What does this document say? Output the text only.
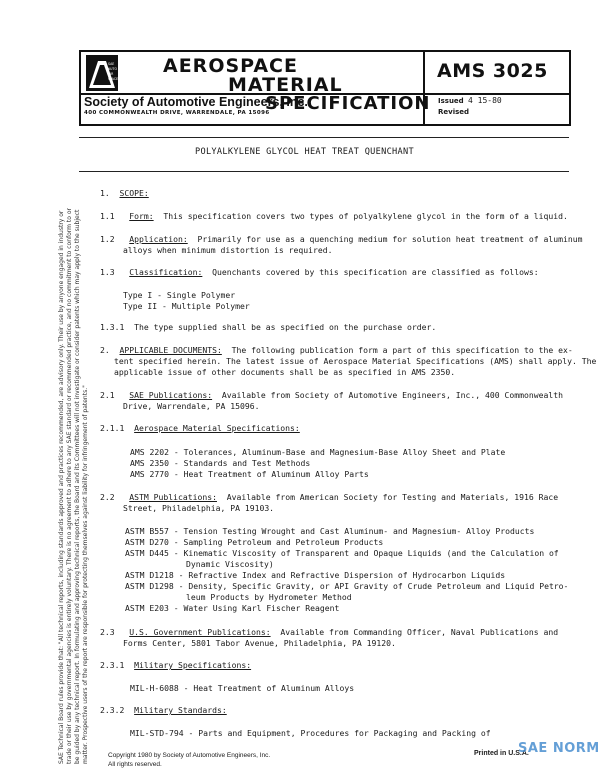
SAE
AUTO
AIR
SPACE
AEROSPACE
MATERIAL
SPECIFICATION
Society of Automotive Engineers, Inc.
400 COMMONWEALTH DRIVE, WARRENDALE, PA 15096
AMS 3025
Issued 4 15-80
Revised
POLYALKYLENE GLYCOL HEAT TREAT QUENCHANT
SAE Technical Board rules provide that: "All technical reports, including standards approved and practices recommended, are advisory only. Their use by anyone engaged in industry or trade or their use by governmental agencies is entirely voluntary. There is no agreement to adhere to any SAE standard or recommended practice, and no commitment to conform to or be guided by any technical report. In formulating and approving technical reports, the Board and its Committees will not investigate or consider patents which may apply to the subject matter. Prospective users of the report are responsible for protecting themselves against liability for infringement of patents."
1. SCOPE:
1.1 Form: This specification covers two types of polyalkylene glycol in the form of a liquid.
1.2 Application: Primarily for use as a quenching medium for solution heat treatment of aluminum
alloys when minimum distortion is required.
1.3 Classification: Quenchants covered by this specification are classified as follows:
Type I - Single Polymer
Type II - Multiple Polymer
1.3.1 The type supplied shall be as specified on the purchase order.
2. APPLICABLE DOCUMENTS: The following publication form a part of this specification to the ex-
tent specified herein. The latest issue of Aerospace Material Specifications (AMS) shall apply. The
applicable issue of other documents shall be as specified in AMS 2350.
2.1 SAE Publications: Available from Society of Automotive Engineers, Inc., 400 Commonwealth
Drive, Warrendale, PA 15096.
2.1.1 Aerospace Material Specifications:
AMS 2202 - Tolerances, Aluminum-Base and Magnesium-Base Alloy Sheet and Plate
AMS 2350 - Standards and Test Methods
AMS 2770 - Heat Treatment of Aluminum Alloy Parts
2.2 ASTM Publications: Available from American Society for Testing and Materials, 1916 Race
Street, Philadelphia, PA 19103.
ASTM B557 - Tension Testing Wrought and Cast Aluminum- and Magnesium- Alloy Products
ASTM D270 - Sampling Petroleum and Petroleum Products
ASTM D445 - Kinematic Viscosity of Transparent and Opaque Liquids (and the Calculation of
Dynamic Viscosity)
ASTM D1218 - Refractive Index and Refractive Dispersion of Hydrocarbon Liquids
ASTM D1298 - Density, Specific Gravity, or API Gravity of Crude Petroleum and Liquid Petro-
leum Products by Hydrometer Method
ASTM E203 - Water Using Karl Fischer Reagent
2.3 U.S. Government Publications: Available from Commanding Officer, Naval Publications and
Forms Center, 5801 Tabor Avenue, Philadelphia, PA 19120.
2.3.1 Military Specifications:
MIL-H-6088 - Heat Treatment of Aluminum Alloys
2.3.2 Military Standards:
MIL-STD-794 - Parts and Equipment, Procedures for Packaging and Packing of
Copyright 1980 by Society of Automotive Engineers, Inc.
All rights reserved.
Printed in U.S.A.
SAE NORM
